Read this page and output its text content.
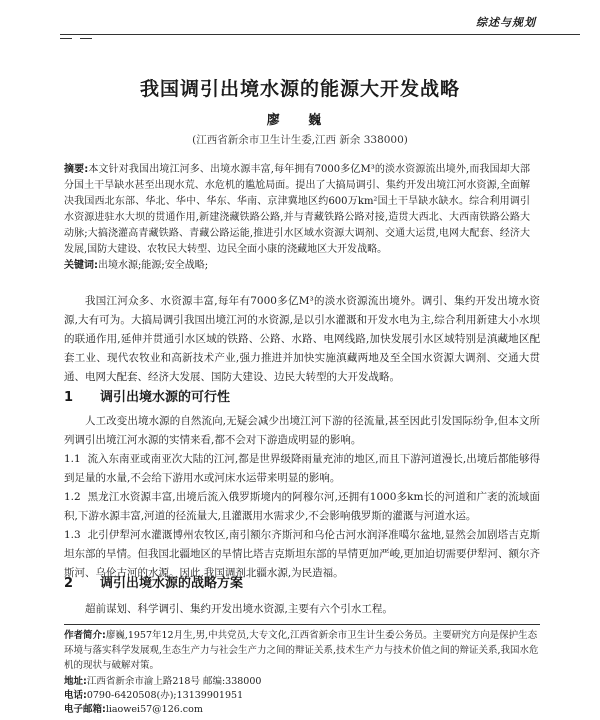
综述与规划
我国调引出境水源的能源大开发战略
廖 巍
(江西省新余市卫生计生委,江西 新余 338000)
摘要:本文针对我国出境江河多、出境水源丰富,每年拥有7000多亿M³的淡水资源流出境外,而我国却大部分国土干旱缺水甚至出现水荒、水危机的尴尬局面。提出了大搞局调引、集约开发出境江河水资源,全面解决我国西北东部、华北、华中、华东、华南、京津冀地区约600万km²国土干旱缺水缺水。综合利用调引水资源进驻水大坝的贯通作用,新建浇藏铁路公路,并与青藏铁路公路对接,造贯大西北、大西南铁路公路大动脉;大搞浇灌高青藏铁路、青藏公路运能,推进引水区域水资源大调剂、交通大运贯,电网大配套、经济大发展,国防大建设、农牧民大转型、边民全面小康的浇藏地区大开发战略。
关键词:出境水源;能源;安全战略;
我国江河众多、水资源丰富,每年有7000多亿M³的淡水资源流出境外。调引、集约开发出境水资源,大有可为。大搞局调引我国出境江河的水资源,是以引水灌溉和开发水电为主,综合利用新建大小水坝的联通作用,延伸并贯通引水区域的铁路、公路、水路、电网线路,加快发展引水区域特别是滇藏地区配套工业、现代农牧业和高新技术产业,强力推进并加快实施滇藏两地及至全国水资源大调剂、交通大贯通、电网大配套、经济大发展、国防大建设、边民大转型的大开发战略。
1 调引出境水源的可行性
人工改变出境水源的自然流向,无疑会减少出境江河下游的径流量,甚至因此引发国际纷争,但本文所列调引出境江河水源的实情来看,都不会对下游造成明显的影响。
1.1 流入东南亚或南亚次大陆的江河,都是世界级降雨量充沛的地区,而且下游河道漫长,出境后都能够得到足量的水量,不会给下游用水或河床水运带来明显的影响。
1.2 黑龙江水资源丰富,出境后流入俄罗斯境内的阿穆尔河,还拥有1000多km长的河道和广袤的流域面积,下游水源丰富,河道的径流量大,且灌溉用水需求少,不会影响俄罗斯的灌溉与河道水运。
1.3 北引伊犁河水灌溉博州农牧区,南引额尔齐斯河和乌伦古河水润泽准噶尔盆地,显然会加剧塔吉克斯坦东部的旱情。但我国北疆地区的旱情比塔吉克斯坦东部的旱情更加严峻,更加迫切需要伊犁河、额尔齐斯河、乌伦古河的水源。因此,我国调剂北疆水源,为民造福。
2 调引出境水源的战略方案
超前谋划、科学调引、集约开发出境水资源,主要有六个引水工程。
作者简介:廖巍,1957年12月生,男,中共党员,大专文化,江西省新余市卫生计生委公务员。主要研究方向是保护生态环境与落实科学发展观,生态生产力与社会生产力之间的辩证关系,技术生产力与技术价值之间的辩证关系,我国水危机的现状与破解对策。
地址:江西省新余市渝上路218号 邮编:338000
电话:0790-6420508(办);13139901951
电子邮箱:liaowei57@126.com
